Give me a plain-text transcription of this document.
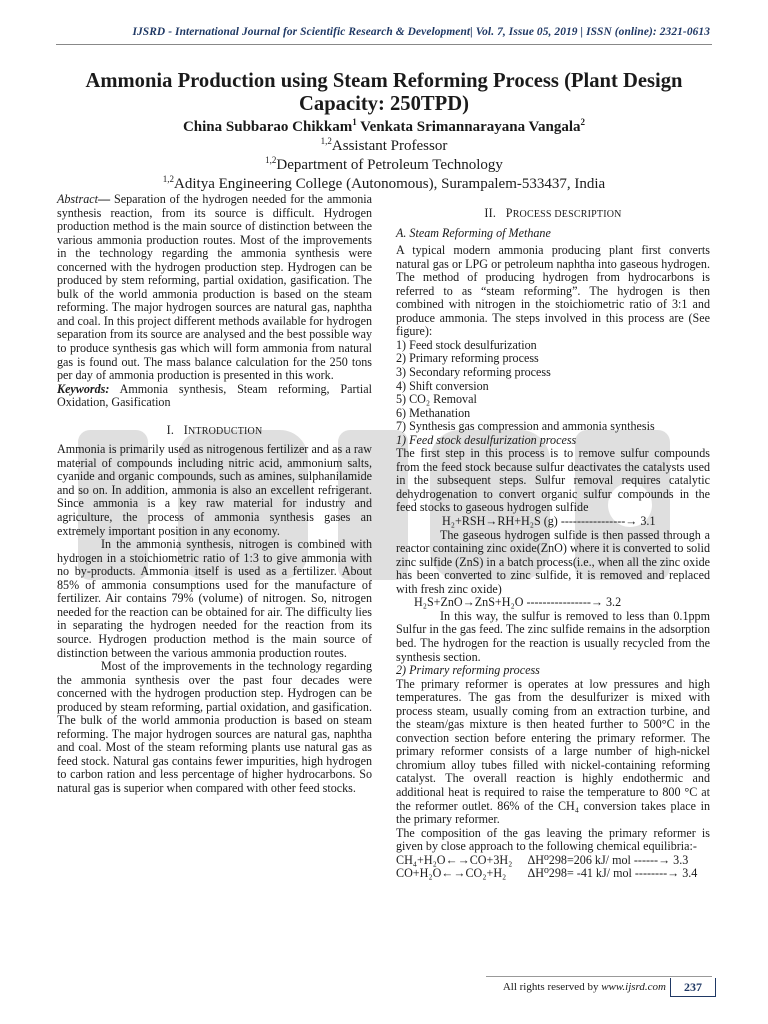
IJSRD - International Journal for Scientific Research & Development| Vol. 7, Issue 05, 2019 | ISSN (online): 2321-0613
Ammonia Production using Steam Reforming Process (Plant Design Capacity: 250TPD)
China Subbarao Chikkam$^1$ Venkata Srimannarayana Vangala$^2$
$^{1,2}$Assistant Professor
$^{1,2}$Department of Petroleum Technology
$^{1,2}$Aditya Engineering College (Autonomous), Surampalem-533437, India

Abstract— Separation of the hydrogen needed for the ammonia synthesis reaction, from its source is difficult. Hydrogen production method is the main source of distinction between the various ammonia production routes. Most of the improvements in the technology regarding the ammonia synthesis were concerned with the hydrogen production step. Hydrogen can be produced by stem reforming, partial oxidation, gasification. The bulk of the world ammonia production is based on the steam reforming. The major hydrogen sources are natural gas, naphtha and coal. In this project different methods available for hydrogen separation from its source are analysed and the best possible way to produce synthesis gas which will form ammonia from natural gas is found out. The mass balance calculation for the 250 tons per day of ammonia production is presented in this work.

Keywords: Ammonia synthesis, Steam reforming, Partial Oxidation, Gasification

I. INTRODUCTION

Ammonia is primarily used as nitrogenous fertilizer and as a raw material of compounds including nitric acid, ammonium salts, cyanide and organic compounds, such as amines, sulphanilamide and so on. In addition, ammonia is also an excellent refrigerant. Since ammonia is a key raw material for industry and agriculture, the process of ammonia synthesis gases an extremely important position in any economy.

In the ammonia synthesis, nitrogen is combined with hydrogen in a stoichiometric ratio of 1:3 to give ammonia with no by-products. Ammonia itself is used as a fertilizer. About 85% of ammonia consumptions used for the manufacture of fertilizer. Air contains 79% (volume) of nitrogen. So, nitrogen needed for the reaction can be obtained for air. The difficulty lies in separating the hydrogen needed for the reaction from its source. Hydrogen production method is the main source of distinction between the various ammonia production routes.

Most of the improvements in the technology regarding the ammonia synthesis over the past four decades were concerned with the hydrogen production step. Hydrogen can be produced by steam reforming, partial oxidation, and gasification. The bulk of the world ammonia production is based on steam reforming. The major hydrogen sources are natural gas, naphtha and coal. Most of the steam reforming plants use natural gas as feed stock. Natural gas contains fewer impurities, high hydrogen to carbon ration and less percentage of higher hydrocarbons. So natural gas is superior when compared with other feed stocks.

II. PROCESS DESCRIPTION

A. Steam Reforming of Methane

A typical modern ammonia producing plant first converts natural gas or LPG or petroleum naphtha into gaseous hydrogen. The method of producing hydrogen from hydrocarbons is referred to as “steam reforming”. The hydrogen is then combined with nitrogen in the stoichiometric ratio of 3:1 and produce ammonia. The steps involved in this process are (See figure):

1) Feed stock desulfurization

2) Primary reforming process

3) Secondary reforming process

4) Shift conversion

5) CO₂ Removal

6) Methanation

7) Synthesis gas compression and ammonia synthesis

1) Feed stock desulfurization process

The first step in this process is to remove sulfur compounds from the feed stock because sulfur deactivates the catalysts used in the subsequent steps. Sulfur removal requires catalytic dehydrogenation to convert organic sulfur compounds in the feed stocks to gaseous hydrogen sulfide

H₂+RSH→RH+H₂S (g) ----------------→ 3.1

The gaseous hydrogen sulfide is then passed through a reactor containing zinc oxide(ZnO) where it is converted to solid zinc sulfide (ZnS) in a batch process(i.e., when all the zinc oxide has been converted to zinc sulfide, it is removed and replaced with fresh zinc oxide)

H₂S+ZnO→ZnS+H₂O ----------------→ 3.2

In this way, the sulfur is removed to less than 0.1ppm Sulfur in the gas feed. The zinc sulfide remains in the adsorption bed. The hydrogen for the reaction is usually recycled from the synthesis section.

2) Primary reforming process

The primary reformer is operates at low pressures and high temperatures. The gas from the desulfurizer is mixed with process steam, usually coming from an extraction turbine, and the steam/gas mixture is then heated further to 500°C in the convection section before entering the primary reformer. The primary reformer consists of a large number of high-nickel chromium alloy tubes filled with nickel-containing reforming catalyst. The overall reaction is highly endothermic and additional heat is required to raise the temperature to 800 °C at the reformer outlet. 86% of the CH₄ conversion takes place in the primary reformer.

The composition of the gas leaving the primary reformer is given by close approach to the following chemical equilibria:-

CH₄+H₂O←→CO+3H₂     ΔH⁰298=206 kJ/ mol ------→ 3.3

CO+H₂O←→CO₂+H₂       ΔH⁰298= -41 kJ/ mol --------→ 3.4

All rights reserved by www.ijsrd.com	237
